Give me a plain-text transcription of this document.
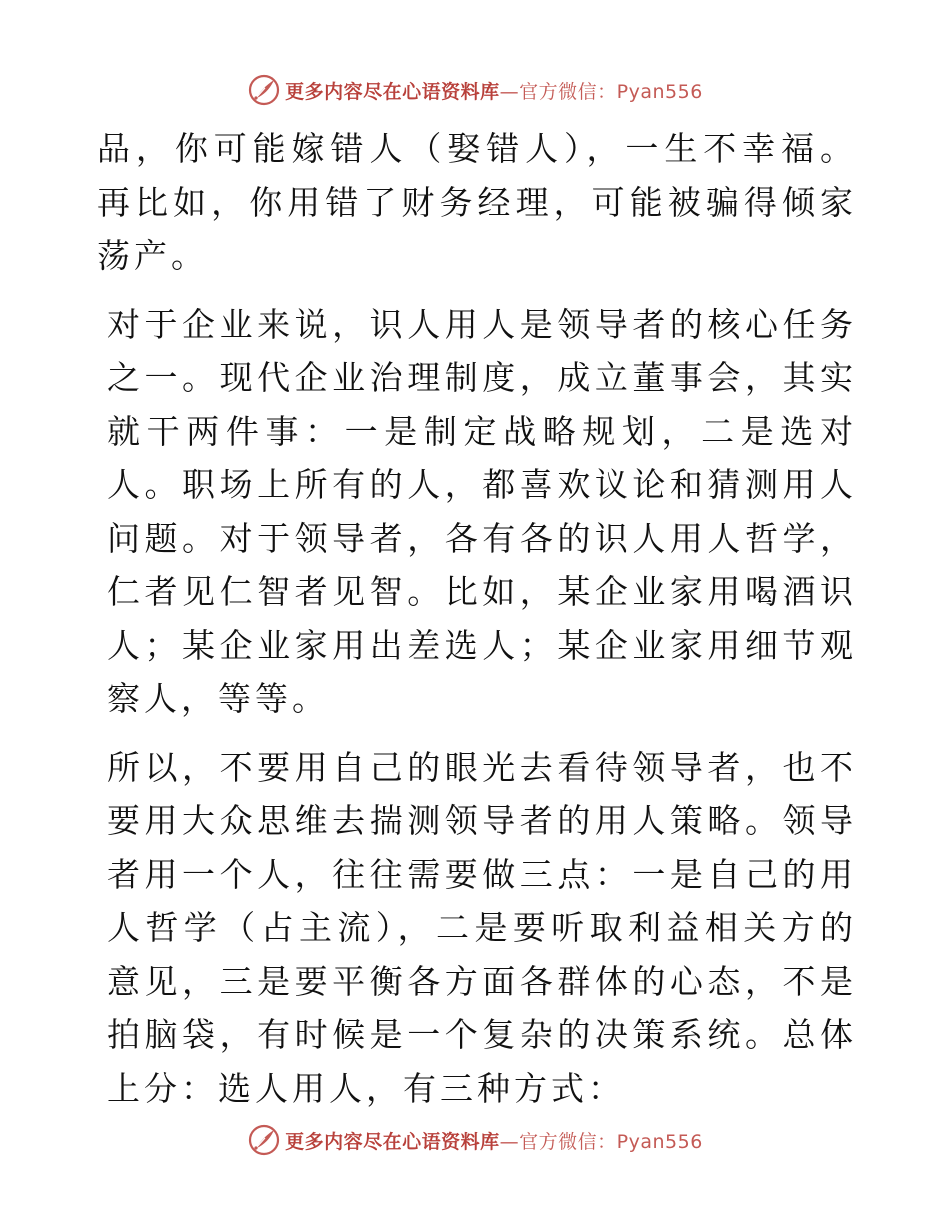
更多内容尽在心语资料库—官方微信：Pyan556

品，你可能嫁错人（娶错人），一生不幸福。再比如，你用错了财务经理，可能被骗得倾家荡产。

对于企业来说，识人用人是领导者的核心任务之一。现代企业治理制度，成立董事会，其实就干两件事：一是制定战略规划，二是选对人。职场上所有的人，都喜欢议论和猜测用人问题。对于领导者，各有各的识人用人哲学，仁者见仁智者见智。比如，某企业家用喝酒识人；某企业家用出差选人；某企业家用细节观察人，等等。

所以，不要用自己的眼光去看待领导者，也不要用大众思维去揣测领导者的用人策略。领导者用一个人，往往需要做三点：一是自己的用人哲学（占主流），二是要听取利益相关方的意见，三是要平衡各方面各群体的心态，不是拍脑袋，有时候是一个复杂的决策系统。总体上分：选人用人，有三种方式：

更多内容尽在心语资料库—官方微信：Pyan556
